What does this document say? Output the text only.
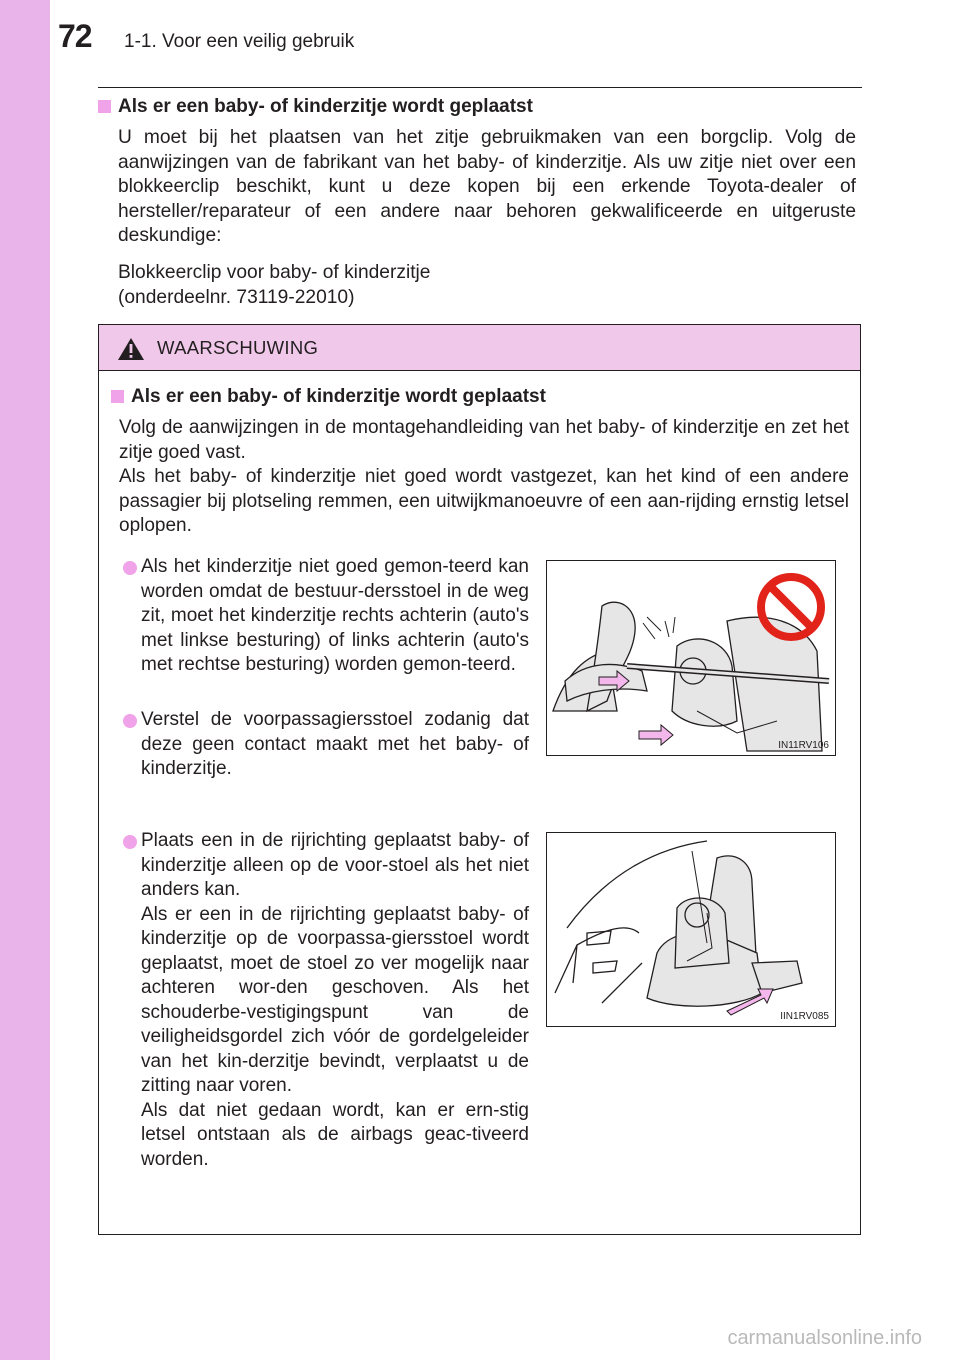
72 1-1. Voor een veilig gebruik
Als er een baby- of kinderzitje wordt geplaatst
U moet bij het plaatsen van het zitje gebruikmaken van een borgclip. Volg de aanwijzingen van de fabrikant van het baby- of kinderzitje. Als uw zitje niet over een blokkeerclip beschikt, kunt u deze kopen bij een erkende Toyota-dealer of hersteller/reparateur of een andere naar behoren gekwalificeerde en uitgeruste deskundige:
Blokkeerclip voor baby- of kinderzitje
(onderdeelnr. 73119-22010)
WAARSCHUWING
Als er een baby- of kinderzitje wordt geplaatst
Volg de aanwijzingen in de montagehandleiding van het baby- of kinderzitje en zet het zitje goed vast.
Als het baby- of kinderzitje niet goed wordt vastgezet, kan het kind of een andere passagier bij plotseling remmen, een uitwijkmanoeuvre of een aan-rijding ernstig letsel oplopen.
Als het kinderzitje niet goed gemon-teerd kan worden omdat de bestuur-dersstoel in de weg zit, moet het kinderzitje rechts achterin (auto's met linkse besturing) of links achterin (auto's met rechtse besturing) worden gemon-teerd.
Verstel de voorpassagiersstoel zodanig dat deze geen contact maakt met het baby- of kinderzitje.
Plaats een in de rijrichting geplaatst baby- of kinderzitje alleen op de voor-stoel als het niet anders kan.
Als er een in de rijrichting geplaatst baby- of kinderzitje op de voorpassa-giersstoel wordt geplaatst, moet de stoel zo ver mogelijk naar achteren wor-den geschoven. Als het schouderbe-vestigingspunt van de veiligheidsgordel zich vóór de gordelgeleider van het kin-derzitje bevindt, verplaatst u de zitting naar voren.
Als dat niet gedaan wordt, kan er ern-stig letsel ontstaan als de airbags geac-tiveerd worden.
IN11RV106
IIN1RV085
carmanualsonline.info
